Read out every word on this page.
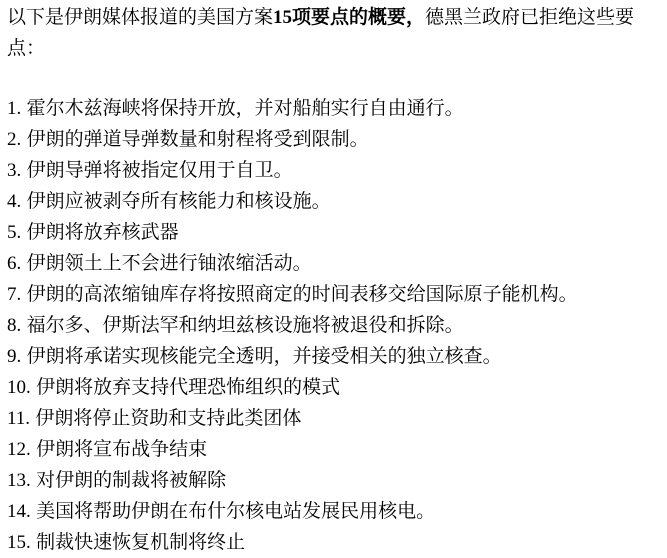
以下是伊朗媒体报道的美国方案15项要点的概要，德黑兰政府已拒绝这些要点：

1. 霍尔木兹海峡将保持开放，并对船舶实行自由通行。

2. 伊朗的弹道导弹数量和射程将受到限制。

3. 伊朗导弹将被指定仅用于自卫。

4. 伊朗应被剥夺所有核能力和核设施。

5. 伊朗将放弃核武器

6. 伊朗领土上不会进行铀浓缩活动。

7. 伊朗的高浓缩铀库存将按照商定的时间表移交给国际原子能机构。

8. 福尔多、伊斯法罕和纳坦兹核设施将被退役和拆除。

9. 伊朗将承诺实现核能完全透明，并接受相关的独立核查。

10. 伊朗将放弃支持代理恐怖组织的模式

11. 伊朗将停止资助和支持此类团体

12. 伊朗将宣布战争结束

13. 对伊朗的制裁将被解除

14. 美国将帮助伊朗在布什尔核电站发展民用核电。

15. 制裁快速恢复机制将终止
